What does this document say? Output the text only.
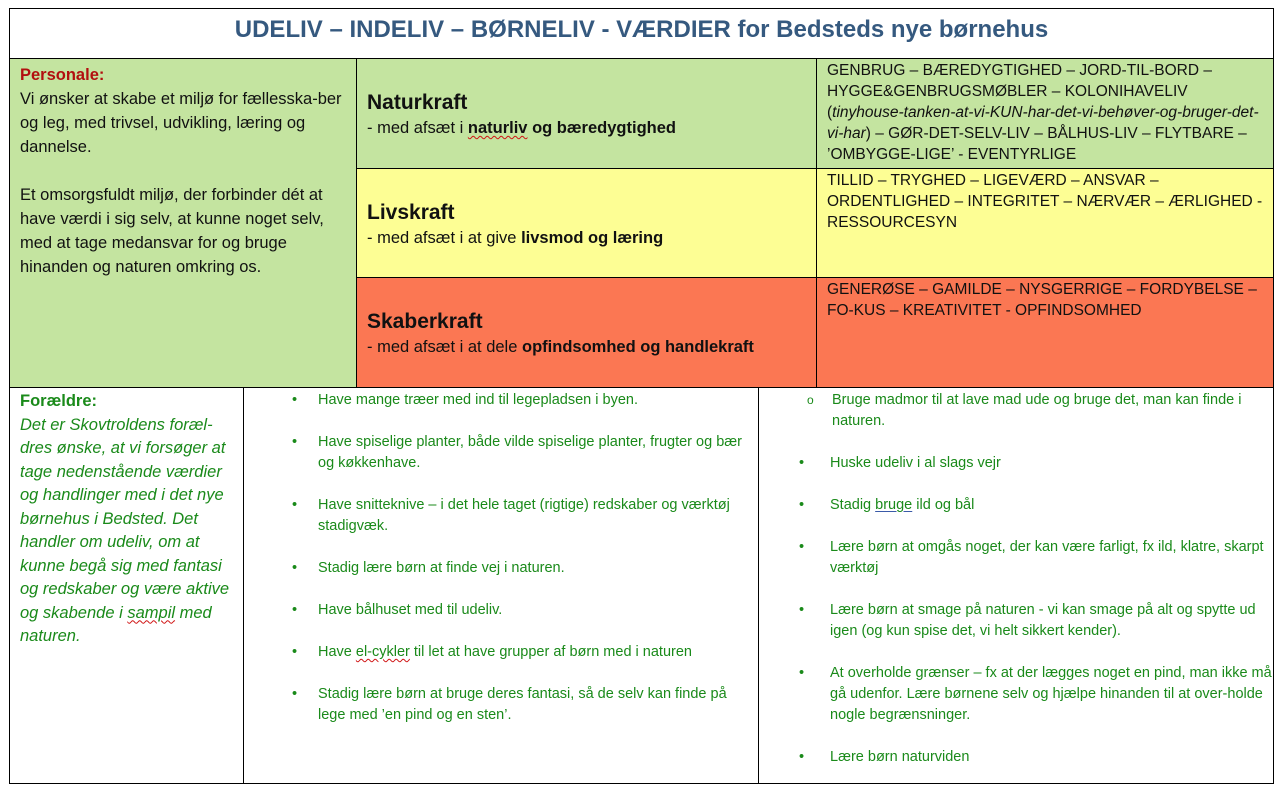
UDELIV – INDELIV – BØRNELIV - VÆRDIER for Bedsteds nye børnehus
Personale:

Vi ønsker at skabe et miljø for fællesska-ber og leg, med trivsel, udvikling, læring og dannelse.

Et omsorgsfuldt miljø, der forbinder dét at have værdi i sig selv, at kunne noget selv, med at tage medansvar for og bruge hinanden og naturen omkring os.

Naturkraft
- med afsæt i naturliv og bæredygtighed
GENBRUG – BÆREDYGTIGHED – JORD-TIL-BORD – HYGGE&GENBRUGSMØBLER – KOLONIHAVELIV (tinyhouse-tanken-at-vi-KUN-har-det-vi-behøver-og-bruger-det-vi-har) – GØR-DET-SELV-LIV – BÅLHUS-LIV – FLYTBARE – ’OMBYGGE-LIGE’ - EVENTYRLIGE
Livskraft
- med afsæt i at give livsmod og læring
TILLID – TRYGHED – LIGEVÆRD – ANSVAR – ORDENTLIGHED – INTEGRITET – NÆRVÆR – ÆRLIGHED - RESSOURCESYN
Skaberkraft
- med afsæt i at dele opfindsomhed og handlekraft
GENERØSE – GAMILDE – NYSGERRIGE – FORDYBELSE – FO-KUS – KREATIVITET - OPFINDSOMHED
Forældre:
Det er Skovtroldens foræl-dres ønske, at vi forsøger at tage nedenstående værdier og handlinger med i det nye børnehus i Bedsted. Det handler om udeliv, om at kunne begå sig med fantasi og redskaber og være aktive og skabende i sampil med naturen.
• Have mange træer med ind til legepladsen i byen.
• Have spiselige planter, både vilde spiselige planter, frugter og bær og køkkenhave.
• Have snitteknive – i det hele taget (rigtige) redskaber og værktøj stadigvæk.
• Stadig lære børn at finde vej i naturen.
• Have bålhuset med til udeliv.
• Have el-cykler til let at have grupper af børn med i naturen
• Stadig lære børn at bruge deres fantasi, så de selv kan finde på lege med ’en pind og en sten’.
o Bruge madmor til at lave mad ude og bruge det, man kan finde i naturen.
• Huske udeliv i al slags vejr
• Stadig bruge ild og bål
• Lære børn at omgås noget, der kan være farligt, fx ild, klatre, skarpt værktøj
• Lære børn at smage på naturen - vi kan smage på alt og spytte ud igen (og kun spise det, vi helt sikkert kender).
• At overholde grænser – fx at der lægges noget en pind, man ikke må gå udenfor. Lære børnene selv og hjælpe hinanden til at over-holde nogle begrænsninger.
• Lære børn naturviden
